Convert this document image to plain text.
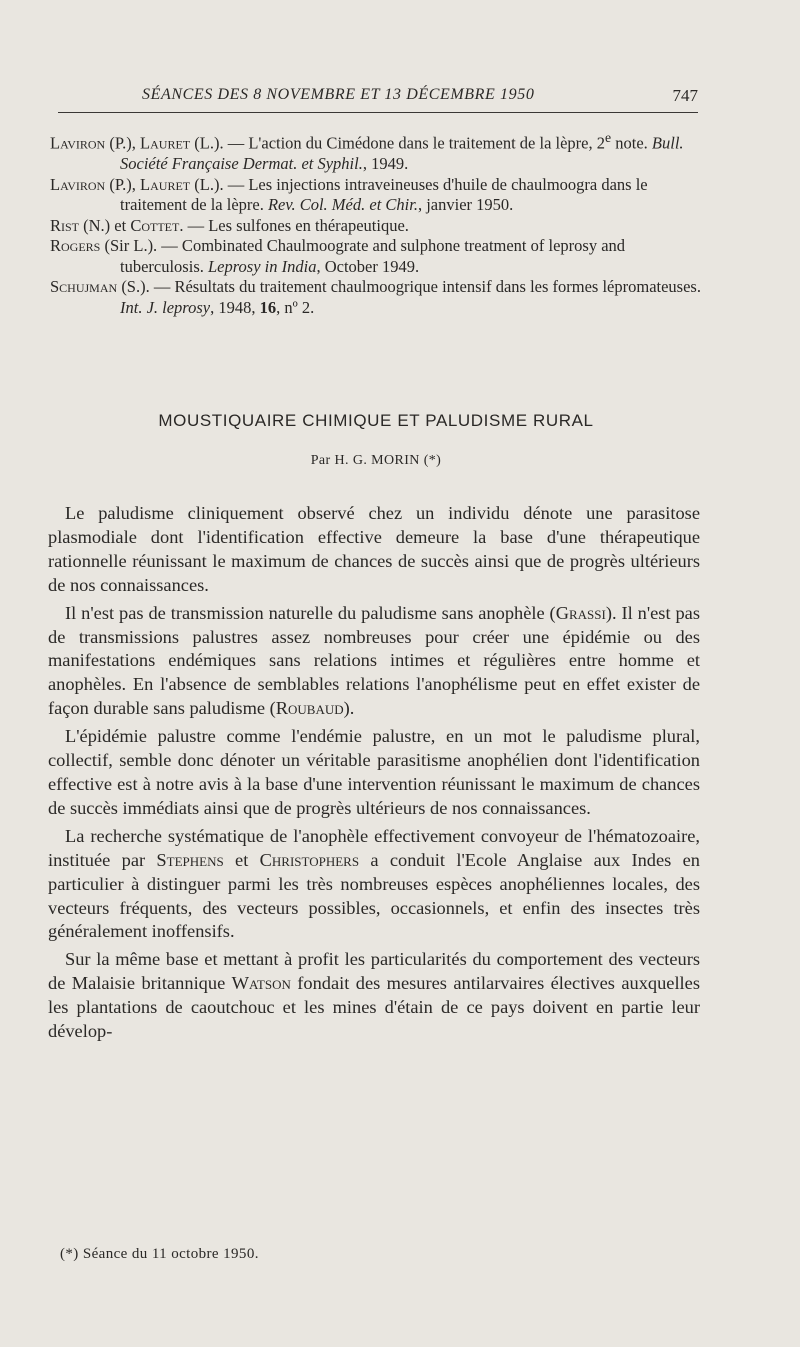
SÉANCES DES 8 NOVEMBRE ET 13 DÉCEMBRE 1950	747

Laviron (P.), Lauret (L.). — L'action du Cimédone dans le traitement de la lèpre, 2e note. Bull. Société Française Dermat. et Syphil., 1949.

Laviron (P.), Lauret (L.). — Les injections intraveineuses d'huile de chaulmoogra dans le traitement de la lèpre. Rev. Col. Méd. et Chir., janvier 1950.

Rist (N.) et Cottet. — Les sulfones en thérapeutique.

Rogers (Sir L.). — Combinated Chaulmoograte and sulphone treatment of leprosy and tuberculosis. Leprosy in India, October 1949.

Schujman (S.). — Résultats du traitement chaulmoogrique intensif dans les formes lépromateuses. Int. J. leprosy, 1948, 16, nº 2.

MOUSTIQUAIRE CHIMIQUE ET PALUDISME RURAL
Par H. G. MORIN (*)

Le paludisme cliniquement observé chez un individu dénote une parasitose plasmodiale dont l'identification effective demeure la base d'une thérapeutique rationnelle réunissant le maximum de chances de succès ainsi que de progrès ultérieurs de nos connaissances.

Il n'est pas de transmission naturelle du paludisme sans anophèle (Grassi). Il n'est pas de transmissions palustres assez nombreuses pour créer une épidémie ou des manifestations endémiques sans relations intimes et régulières entre homme et anophèles. En l'absence de semblables relations l'anophélisme peut en effet exister de façon durable sans paludisme (Roubaud).

L'épidémie palustre comme l'endémie palustre, en un mot le paludisme plural, collectif, semble donc dénoter un véritable parasitisme anophélien dont l'identification effective est à notre avis à la base d'une intervention réunissant le maximum de chances de succès immédiats ainsi que de progrès ultérieurs de nos connaissances.

La recherche systématique de l'anophèle effectivement convoyeur de l'hématozoaire, instituée par Stephens et Christophers a conduit l'Ecole Anglaise aux Indes en particulier à distinguer parmi les très nombreuses espèces anophéliennes locales, des vecteurs fréquents, des vecteurs possibles, occasionnels, et enfin des insectes très généralement inoffensifs.

Sur la même base et mettant à profit les particularités du comportement des vecteurs de Malaisie britannique Watson fondait des mesures antilarvaires électives auxquelles les plantations de caoutchouc et les mines d'étain de ce pays doivent en partie leur dévelop-

(*) Séance du 11 octobre 1950.
